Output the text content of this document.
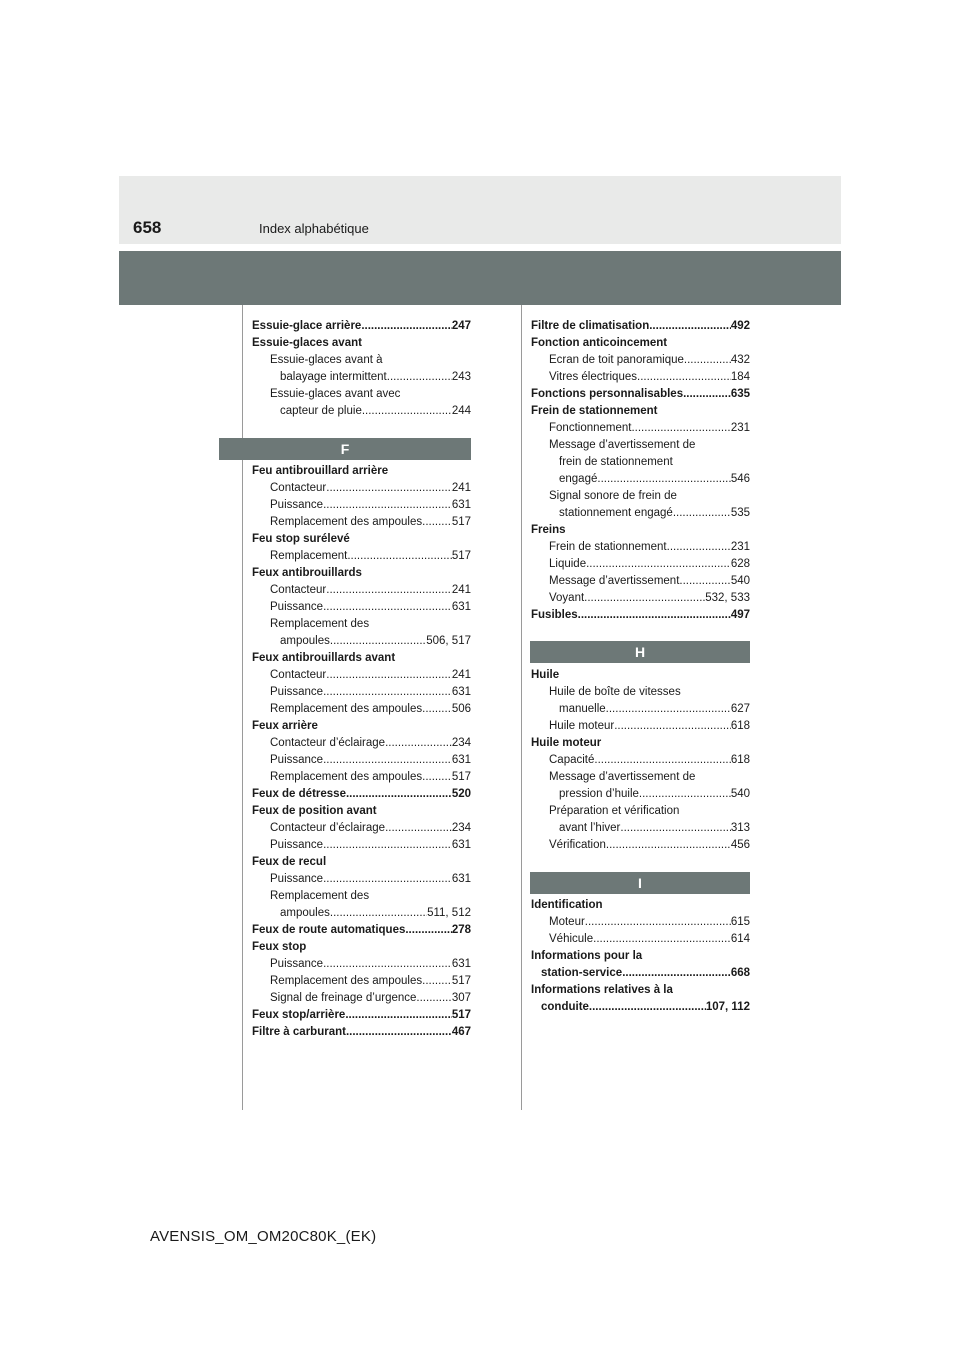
658	Index alphabétique
Essuie-glace arrière .....	247
Essuie-glaces avant
Essuie-glaces avant à
balayage intermittent .....	243
Essuie-glaces avant avec
capteur de pluie .....	244
F
Feu antibrouillard arrière
Contacteur .....	241
Puissance .....	631
Remplacement des ampoules .....	517
Feu stop surélevé
Remplacement .....	517
Feux antibrouillards
Contacteur .....	241
Puissance .....	631
Remplacement des
ampoules .....	506, 517
Feux antibrouillards avant
Contacteur .....	241
Puissance .....	631
Remplacement des ampoules .....	506
Feux arrière
Contacteur d’éclairage .....	234
Puissance .....	631
Remplacement des ampoules .....	517
Feux de détresse .....	520
Feux de position avant
Contacteur d’éclairage .....	234
Puissance .....	631
Feux de recul
Puissance .....	631
Remplacement des
ampoules .....	511, 512
Feux de route automatiques .....	278
Feux stop
Puissance .....	631
Remplacement des ampoules .....	517
Signal de freinage d’urgence .....	307
Feux stop/arrière .....	517
Filtre à carburant .....	467
Filtre de climatisation .....	492
Fonction anticoincement
Ecran de toit panoramique .....	432
Vitres électriques .....	184
Fonctions personnalisables .....	635
Frein de stationnement
Fonctionnement .....	231
Message d’avertissement de
frein de stationnement
engagé .....	546
Signal sonore de frein de
stationnement engagé .....	535
Freins
Frein de stationnement .....	231
Liquide .....	628
Message d’avertissement .....	540
Voyant .....	532, 533
Fusibles .....	497
H
Huile
Huile de boîte de vitesses
manuelle .....	627
Huile moteur .....	618
Huile moteur
Capacité .....	618
Message d’avertissement de
pression d’huile .....	540
Préparation et vérification
avant l’hiver .....	313
Vérification .....	456
I
Identification
Moteur .....	615
Véhicule .....	614
Informations pour la
station-service .....	668
Informations relatives à la
conduite .....	107, 112
AVENSIS_OM_OM20C80K_(EK)
